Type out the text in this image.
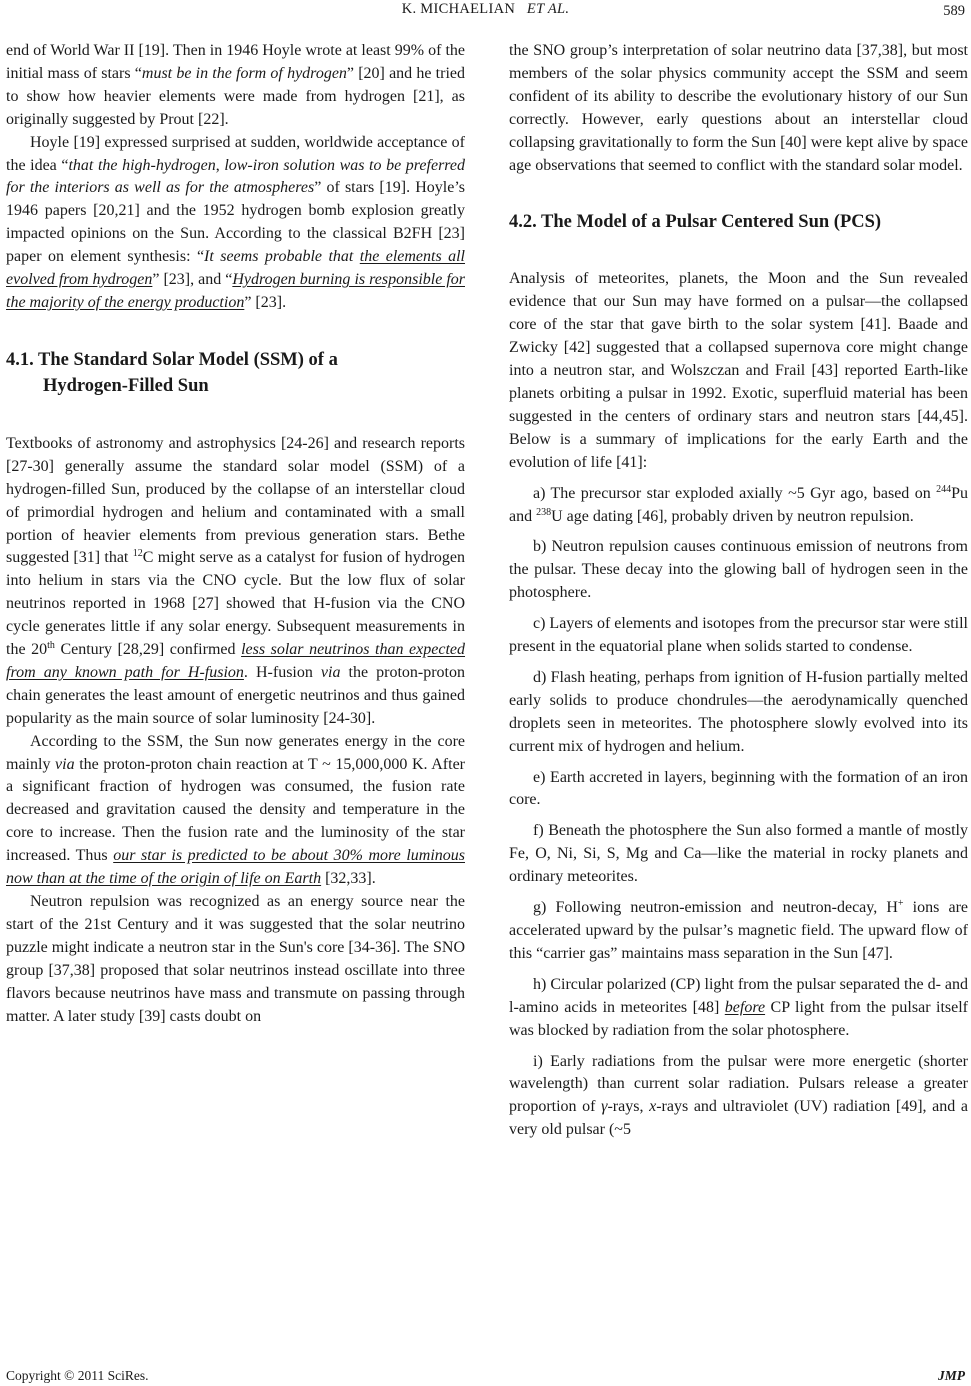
K. MICHAELIAN ET AL.	589

end of World War II [19]. Then in 1946 Hoyle wrote at least 99% of the initial mass of stars “must be in the form of hydrogen” [20] and he tried to show how heavier elements were made from hydrogen [21], as originally suggested by Prout [22].

Hoyle [19] expressed surprised at sudden, worldwide acceptance of the idea “that the high-hydrogen, low-iron solution was to be preferred for the interiors as well as for the atmospheres” of stars [19]. Hoyle’s 1946 papers [20,21] and the 1952 hydrogen bomb explosion greatly impacted opinions on the Sun. According to the classical B2FH [23] paper on element synthesis: “It seems probable that the elements all evolved from hydrogen” [23], and “Hydrogen burning is responsible for the majority of the energy production” [23].

4.1. The Standard Solar Model (SSM) of a
Hydrogen-Filled Sun

Textbooks of astronomy and astrophysics [24-26] and research reports [27-30] generally assume the standard solar model (SSM) of a hydrogen-filled Sun, produced by the collapse of an interstellar cloud of primordial hydrogen and helium and contaminated with a small portion of heavier elements from previous generation stars. Bethe suggested [31] that $^{12}$C might serve as a catalyst for fusion of hydrogen into helium in stars via the CNO cycle. But the low flux of solar neutrinos reported in 1968 [27] showed that H-fusion via the CNO cycle generates little if any solar energy. Subsequent measurements in the 20th Century [28,29] confirmed less solar neutrinos than expected from any known path for H-fusion. H-fusion via the proton-proton chain generates the least amount of energetic neutrinos and thus gained popularity as the main source of solar luminosity [24-30].

According to the SSM, the Sun now generates energy in the core mainly via the proton-proton chain reaction at T ~ 15,000,000 K. After a significant fraction of hydrogen was consumed, the fusion rate decreased and gravitation caused the density and temperature in the core to increase. Then the fusion rate and the luminosity of the star increased. Thus our star is predicted to be about 30% more luminous now than at the time of the origin of life on Earth [32,33].

Neutron repulsion was recognized as an energy source near the start of the 21st Century and it was suggested that the solar neutrino puzzle might indicate a neutron star in the Sun's core [34-36]. The SNO group [37,38] proposed that solar neutrinos instead oscillate into three flavors because neutrinos have mass and transmute on passing through matter. A later study [39] casts doubt on

the SNO group’s interpretation of solar neutrino data [37,38], but most members of the solar physics community accept the SSM and seem confident of its ability to describe the evolutionary history of our Sun correctly. However, early questions about an interstellar cloud collapsing gravitationally to form the Sun [40] were kept alive by space age observations that seemed to conflict with the standard solar model.

4.2. The Model of a Pulsar Centered Sun (PCS)

Analysis of meteorites, planets, the Moon and the Sun revealed evidence that our Sun may have formed on a pulsar—the collapsed core of the star that gave birth to the solar system [41]. Baade and Zwicky [42] suggested that a collapsed supernova core might change into a neutron star, and Wolszczan and Frail [43] reported Earth-like planets orbiting a pulsar in 1992. Exotic, superfluid material has been suggested in the centers of ordinary stars and neutron stars [44,45]. Below is a summary of implications for the early Earth and the evolution of life [41]:

a) The precursor star exploded axially ~5 Gyr ago, based on $^{244}$Pu and $^{238}$U age dating [46], probably driven by neutron repulsion.

b) Neutron repulsion causes continuous emission of neutrons from the pulsar. These decay into the glowing ball of hydrogen seen in the photosphere.

c) Layers of elements and isotopes from the precursor star were still present in the equatorial plane when solids started to condense.

d) Flash heating, perhaps from ignition of H-fusion partially melted early solids to produce chondrules—the aerodynamically quenched droplets seen in meteorites. The photosphere slowly evolved into its current mix of hydrogen and helium.

e) Earth accreted in layers, beginning with the formation of an iron core.

f) Beneath the photosphere the Sun also formed a mantle of mostly Fe, O, Ni, Si, S, Mg and Ca—like the material in rocky planets and ordinary meteorites.

g) Following neutron-emission and neutron-decay, H+ ions are accelerated upward by the pulsar’s magnetic field. The upward flow of this “carrier gas” maintains mass separation in the Sun [47].

h) Circular polarized (CP) light from the pulsar separated the d- and l-amino acids in meteorites [48] before CP light from the pulsar itself was blocked by radiation from the solar photosphere.

i) Early radiations from the pulsar were more energetic (shorter wavelength) than current solar radiation. Pulsars release a greater proportion of γ-rays, x-rays and ultraviolet (UV) radiation [49], and a very old pulsar (~5

Copyright © 2011 SciRes.	JMP
